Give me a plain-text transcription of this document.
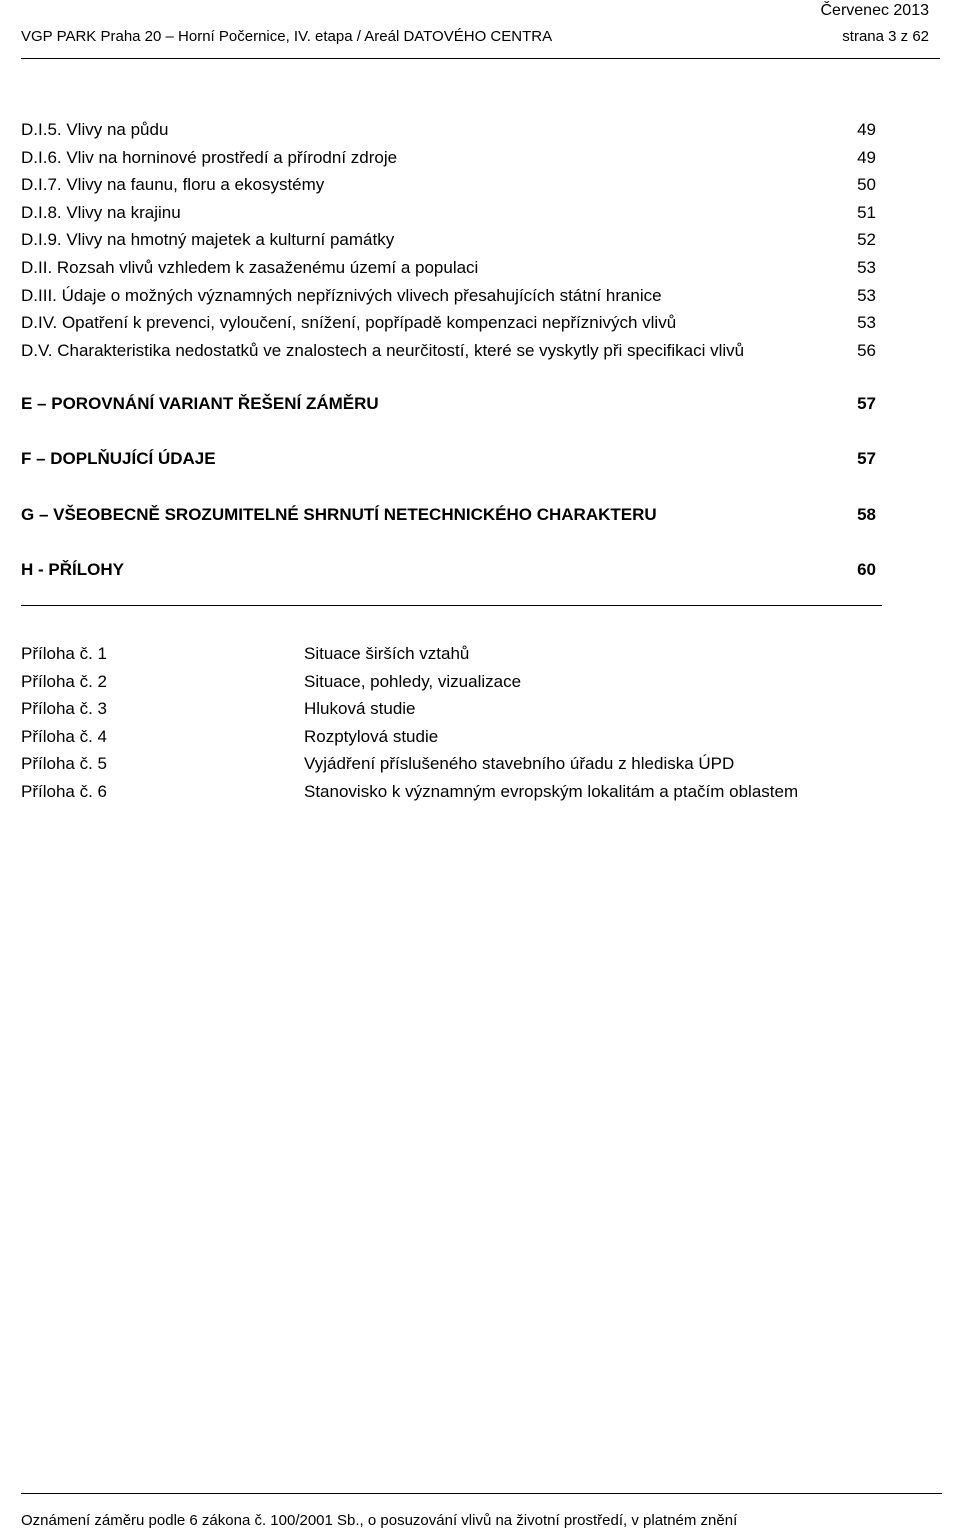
Červenec 2013
VGP PARK Praha 20 – Horní Počernice, IV. etapa / Areál DATOVÉHO CENTRA	strana 3 z 62
D.I.5. Vlivy na půdu	49
D.I.6. Vliv na horninové prostředí a přírodní zdroje	49
D.I.7. Vlivy na faunu, floru a ekosystémy	50
D.I.8. Vlivy na krajinu	51
D.I.9. Vlivy na hmotný majetek a kulturní památky	52
D.II. Rozsah vlivů vzhledem k zasaženému území a populaci	53
D.III. Údaje o možných významných nepříznivých vlivech přesahujících státní hranice	53
D.IV. Opatření k prevenci, vyloučení, snížení, popřípadě kompenzaci nepříznivých vlivů	53
D.V. Charakteristika nedostatků ve znalostech a neurčitostí, které se vyskytly při specifikaci vlivů	56
E – POROVNÁNÍ VARIANT ŘEŠENÍ ZÁMĚRU	57
F – DOPLŇUJÍCÍ ÚDAJE	57
G – VŠEOBECNĚ SROZUMITELNÉ SHRNUTÍ NETECHNICKÉHO CHARAKTERU	58
H - PŘÍLOHY	60
Příloha č. 1	Situace širších vztahů
Příloha č. 2	Situace, pohledy, vizualizace
Příloha č. 3	Hluková studie
Příloha č. 4	Rozptylová studie
Příloha č. 5	Vyjádření příslušeného stavebního úřadu z hlediska ÚPD
Příloha č. 6	Stanovisko k významným evropským lokalitám a ptačím oblastem
Oznámení záměru podle 6 zákona č. 100/2001 Sb., o posuzování vlivů na životní prostředí, v platném znění
